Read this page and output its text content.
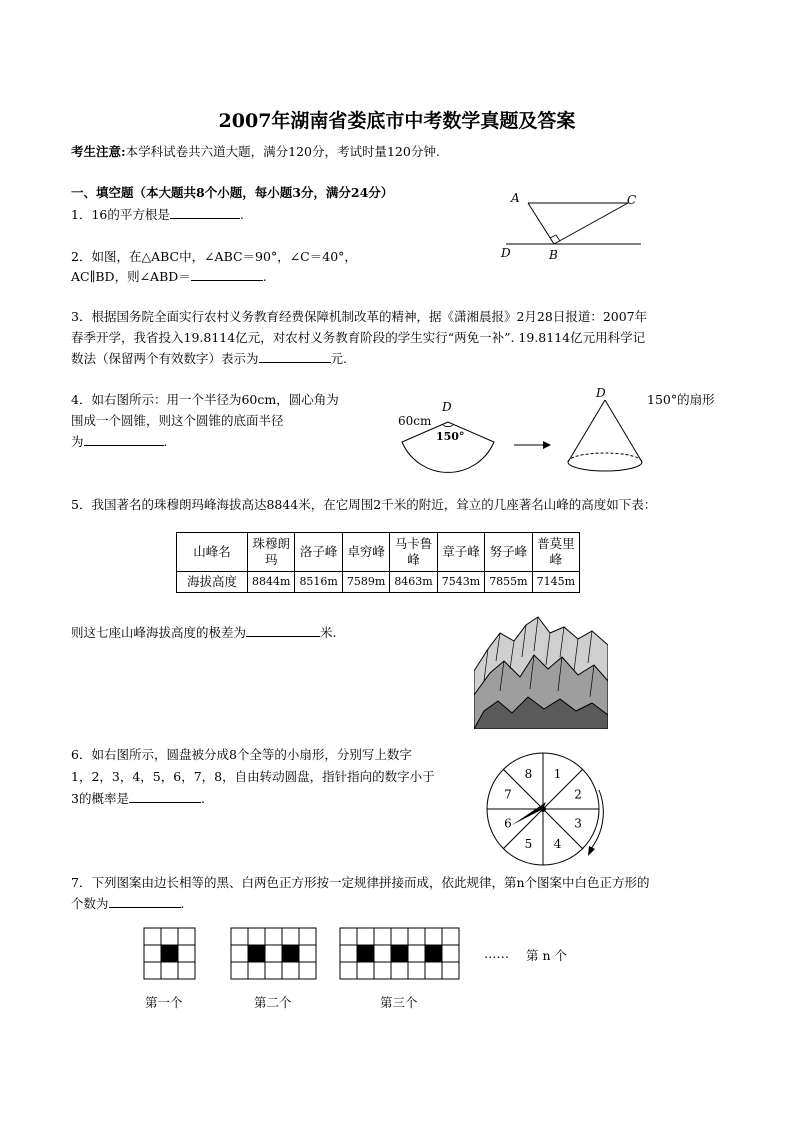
2007年湖南省娄底市中考数学真题及答案
考生注意:本学科试卷共六道大题，满分120分，考试时量120分钟.
一、填空题（本大题共8个小题，每小题3分，满分24分）
1．16的平方根是	.
2．如图，在△ABC中，∠ABC＝90°，∠C＝40°，
AC∥BD，则∠ABD＝	.
A	C
D	B
3．根据国务院全面实行农村义务教育经费保障机制改革的精神，据《潇湘晨报》2月28日报道：2007年
春季开学，我省投入19.8114亿元，对农村义务教育阶段的学生实行“两免一补”. 19.8114亿元用科学记
数法（保留两个有效数字）表示为	元.
4．如右图所示：用一个半径为60cm，圆心角为
围成一个圆锥，则这个圆锥的底面半径
为	.
150°的扇形
60cm
D
150°
D
5．我国著名的珠穆朗玛峰海拔高达8844米，在它周围2千米的附近，耸立的几座著名山峰的高度如下表：
山峰名	珠穆朗玛	洛子峰	卓穷峰	马卡鲁峰	章子峰	努子峰	普莫里峰
海拔高度	8844m	8516m	7589m	8463m	7543m	7855m	7145m
则这七座山峰海拔高度的极差为	米.
6．如右图所示，圆盘被分成8个全等的小扇形，分别写上数字
1，2，3，4，5，6，7，8，自由转动圆盘，指针指向的数字小于
3的概率是	.
1
2
3
4
5
6
7
8
7．下列图案由边长相等的黑、白两色正方形按一定规律拼接而成，依此规律，第n个图案中白色正方形的
个数为	.
…… 第 n 个
第一个	第二个	第三个
